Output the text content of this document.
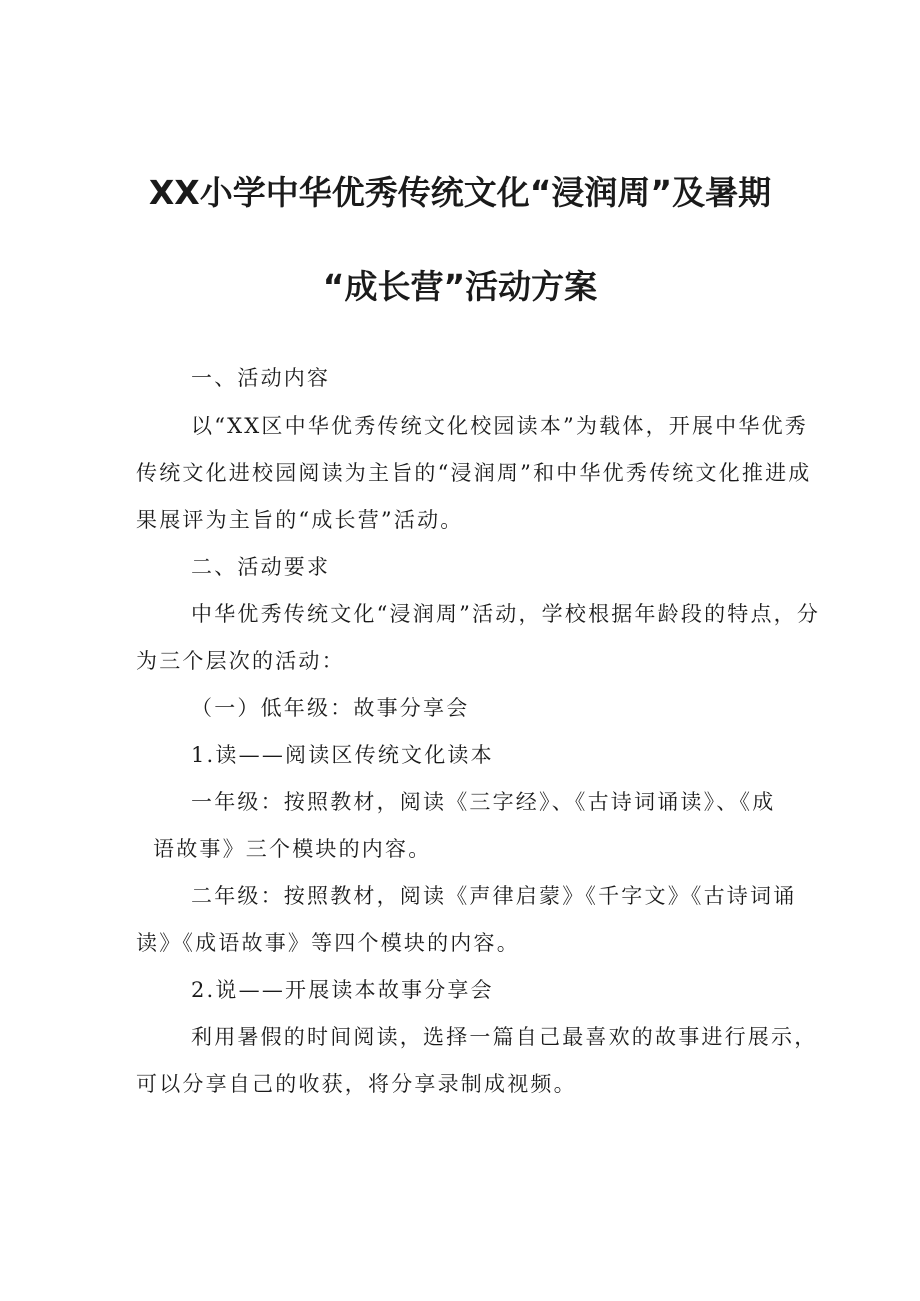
XX小学中华优秀传统文化“浸润周”及暑期
“成长营”活动方案
一、活动内容
以“XX区中华优秀传统文化校园读本”为载体，开展中华优秀
传统文化进校园阅读为主旨的“浸润周”和中华优秀传统文化推进成
果展评为主旨的“成长营”活动。
二、活动要求
中华优秀传统文化“浸润周”活动，学校根据年龄段的特点，分
为三个层次的活动：
（一）低年级：故事分享会
1.读——阅读区传统文化读本
一年级：按照教材，阅读《三字经》、《古诗词诵读》、《成
语故事》三个模块的内容。
二年级：按照教材，阅读《声律启蒙》《千字文》《古诗词诵
读》《成语故事》等四个模块的内容。
2.说——开展读本故事分享会
利用暑假的时间阅读，选择一篇自己最喜欢的故事进行展示，
可以分享自己的收获，将分享录制成视频。
